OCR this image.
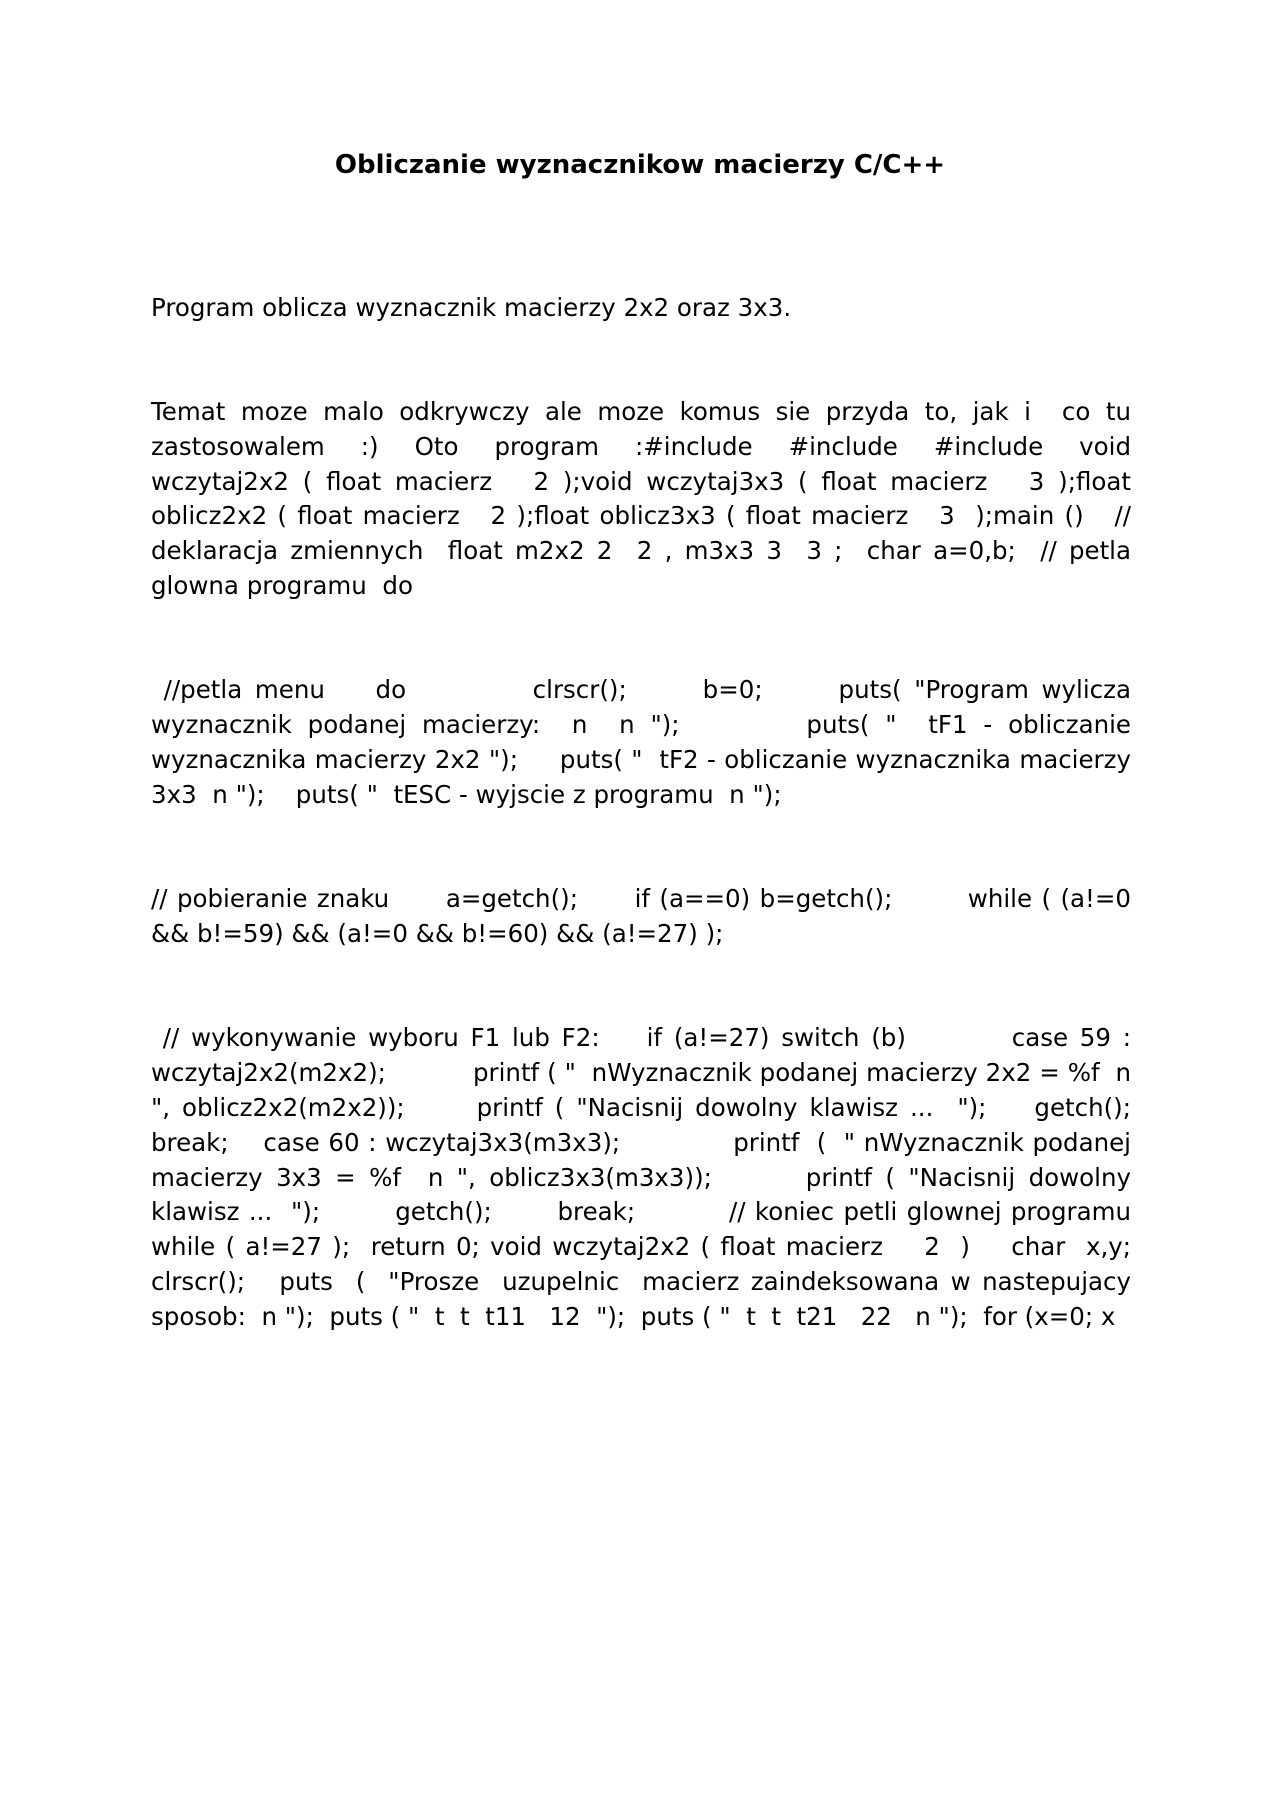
Obliczanie wyznacznikow macierzy C/C++

Program oblicza wyznacznik macierzy 2x2 oraz 3x3.

Temat moze malo odkrywczy ale moze komus sie przyda to, jak i  co tu zastosowalem  :)  Oto  program  :#include  #include  #include  void wczytaj2x2 ( float macierz   2 );void wczytaj3x3 ( float macierz   3 );float oblicz2x2 ( float macierz   2 );float oblicz3x3 ( float macierz   3  );main ()   // deklaracja zmiennych  float m2x2 2  2 , m3x3 3  3 ;  char a=0,b;  // petla glowna programu  do

//petla menu    do          clrscr();      b=0;      puts( "Program wylicza wyznacznik podanej macierzy:  n  n ");        puts( "  tF1 - obliczanie wyznacznika macierzy 2x2 ");     puts( "  tF2 - obliczanie wyznacznika macierzy 3x3  n ");    puts( "  tESC - wyjscie z programu  n ");

// pobieranie znaku      a=getch();      if (a==0) b=getch();        while ( (a!=0 && b!=59) && (a!=0 && b!=60) && (a!=27) );

// wykonywanie wyboru F1 lub F2:    if (a!=27) switch (b)         case 59 : wczytaj2x2(m2x2);           printf ( "  nWyznacznik podanej macierzy 2x2 = %f  n ", oblicz2x2(m2x2));      printf ( "Nacisnij dowolny klawisz ...  ");    getch();          break;    case 60 : wczytaj3x3(m3x3);             printf  (  " nWyznacznik podanej macierzy 3x3 = %f  n ", oblicz3x3(m3x3));       printf ( "Nacisnij dowolny klawisz ...  ");        getch();       break;          // koniec petli glownej programu  while ( a!=27 );  return 0; void wczytaj2x2 ( float macierz    2  )    char  x,y;   clrscr();   puts  (  "Prosze  uzupelnic  macierz zaindeksowana w nastepujacy sposob:  n ");  puts ( "  t  t  t11   12  ");  puts ( "  t  t  t21   22   n ");  for (x=0; x
